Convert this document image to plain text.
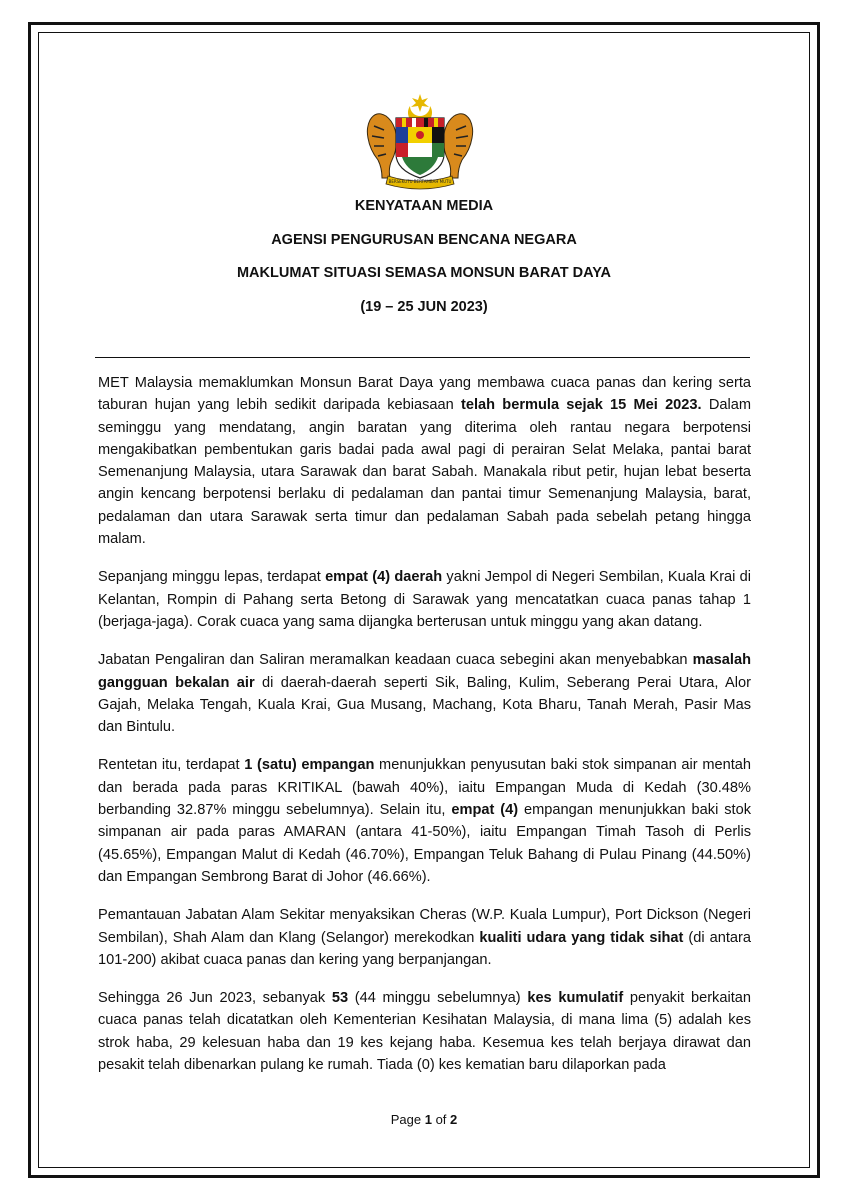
BERSEKUTU BERTAMBAH MUTU
KENYATAAN MEDIA
AGENSI PENGURUSAN BENCANA NEGARA
MAKLUMAT SITUASI SEMASA MONSUN BARAT DAYA
(19 – 25 JUN 2023)

MET Malaysia memaklumkan Monsun Barat Daya yang membawa cuaca panas dan kering serta taburan hujan yang lebih sedikit daripada kebiasaan telah bermula sejak 15 Mei 2023. Dalam seminggu yang mendatang, angin baratan yang diterima oleh rantau negara berpotensi mengakibatkan pembentukan garis badai pada awal pagi di perairan Selat Melaka, pantai barat Semenanjung Malaysia, utara Sarawak dan barat Sabah. Manakala ribut petir, hujan lebat beserta angin kencang berpotensi berlaku di pedalaman dan pantai timur Semenanjung Malaysia, barat, pedalaman dan utara Sarawak serta timur dan pedalaman Sabah pada sebelah petang hingga malam.

Sepanjang minggu lepas, terdapat empat (4) daerah yakni Jempol di Negeri Sembilan, Kuala Krai di Kelantan, Rompin di Pahang serta Betong di Sarawak yang mencatatkan cuaca panas tahap 1 (berjaga-jaga). Corak cuaca yang sama dijangka berterusan untuk minggu yang akan datang.

Jabatan Pengaliran dan Saliran meramalkan keadaan cuaca sebegini akan menyebabkan masalah gangguan bekalan air di daerah-daerah seperti Sik, Baling, Kulim, Seberang Perai Utara, Alor Gajah, Melaka Tengah, Kuala Krai, Gua Musang, Machang, Kota Bharu, Tanah Merah, Pasir Mas dan Bintulu.

Rentetan itu, terdapat 1 (satu) empangan menunjukkan penyusutan baki stok simpanan air mentah dan berada pada paras KRITIKAL (bawah 40%), iaitu Empangan Muda di Kedah (30.48% berbanding 32.87% minggu sebelumnya). Selain itu, empat (4) empangan menunjukkan baki stok simpanan air pada paras AMARAN (antara 41-50%), iaitu Empangan Timah Tasoh di Perlis (45.65%), Empangan Malut di Kedah (46.70%), Empangan Teluk Bahang di Pulau Pinang (44.50%) dan Empangan Sembrong Barat di Johor (46.66%).

Pemantauan Jabatan Alam Sekitar menyaksikan Cheras (W.P. Kuala Lumpur), Port Dickson (Negeri Sembilan), Shah Alam dan Klang (Selangor) merekodkan kualiti udara yang tidak sihat (di antara 101-200) akibat cuaca panas dan kering yang berpanjangan.

Sehingga 26 Jun 2023, sebanyak 53 (44 minggu sebelumnya) kes kumulatif penyakit berkaitan cuaca panas telah dicatatkan oleh Kementerian Kesihatan Malaysia, di mana lima (5) adalah kes strok haba, 29 kelesuan haba dan 19 kes kejang haba. Kesemua kes telah berjaya dirawat dan pesakit telah dibenarkan pulang ke rumah. Tiada (0) kes kematian baru dilaporkan pada

Page 1 of 2
